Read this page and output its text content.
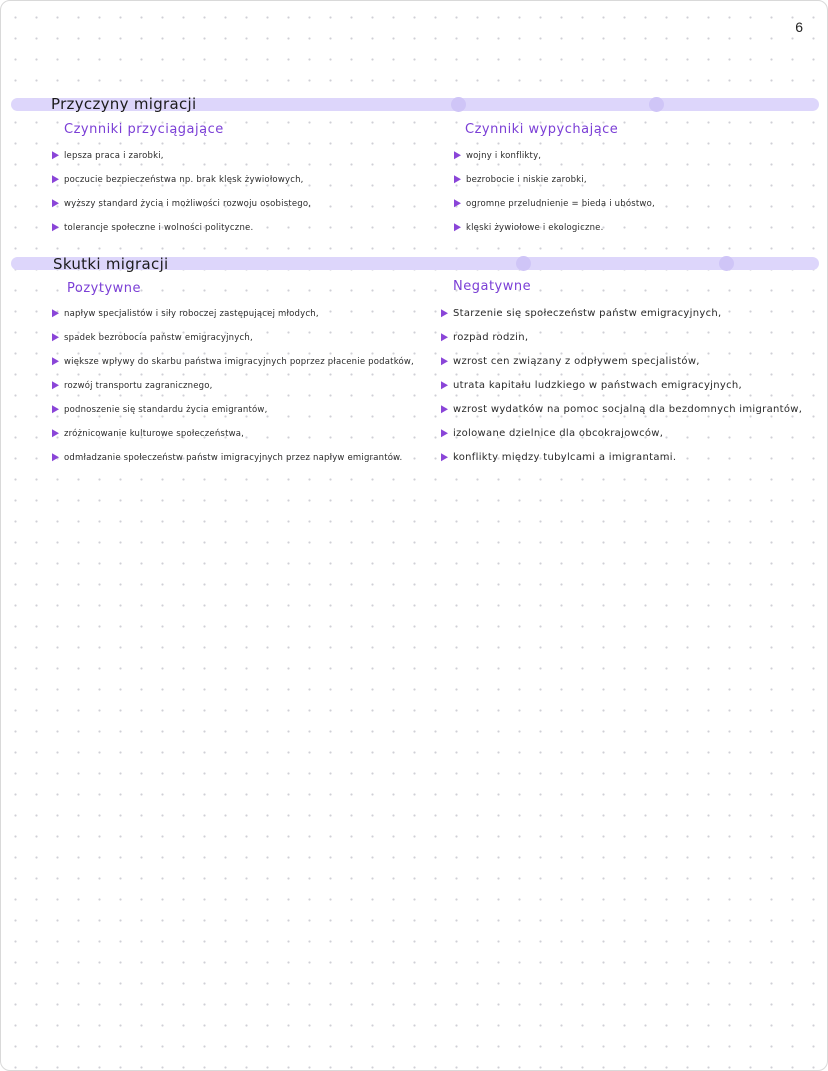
6
Przyczyny migracji
Czynniki przyciągające
lepsza praca i zarobki,
poczucie bezpieczeństwa np. brak klęsk żywiołowych,
wyższy standard życia i możliwości rozwoju osobistego,
tolerancje społeczne i wolności polityczne.
Czynniki wypychające
wojny i konflikty,
bezrobocie i niskie zarobki,
ogromne przeludnienie = bieda i ubóstwo,
klęski żywiołowe i ekologiczne.
Skutki migracji
Pozytywne
napływ specjalistów i siły roboczej zastępującej młodych,
spadek bezrobocia państw emigracyjnych,
większe wpływy do skarbu państwa imigracyjnych poprzez płacenie podatków,
rozwój transportu zagranicznego,
podnoszenie się standardu życia emigrantów,
zróżnicowanie kulturowe społeczeństwa,
odmładzanie społeczeństw państw imigracyjnych przez napływ emigrantów.
Negatywne
Starzenie się społeczeństw państw emigracyjnych,
rozpad rodzin,
wzrost cen związany z odpływem specjalistów,
utrata kapitału ludzkiego w państwach emigracyjnych,
wzrost wydatków na pomoc socjalną dla bezdomnych imigrantów,
izolowane dzielnice dla obcokrajowców,
konflikty między tubylcami a imigrantami.
